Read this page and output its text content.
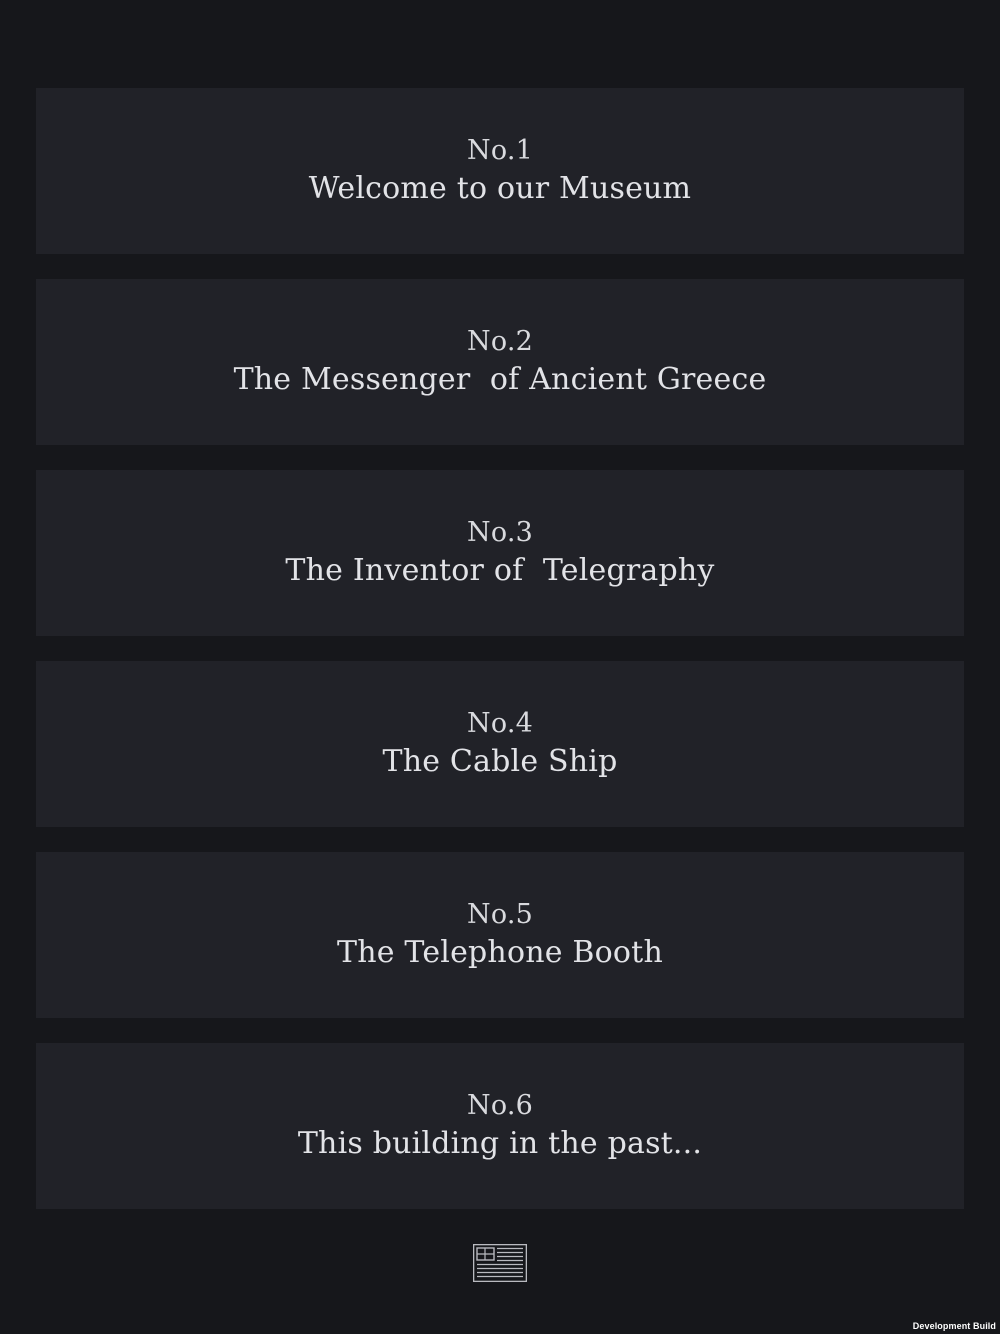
No.1
Welcome to our Museum
No.2
The Messenger  of Ancient Greece
No.3
The Inventor of  Telegraphy
No.4
The Cable Ship
No.5
The Telephone Booth
No.6
This building in the past...
Development Build
